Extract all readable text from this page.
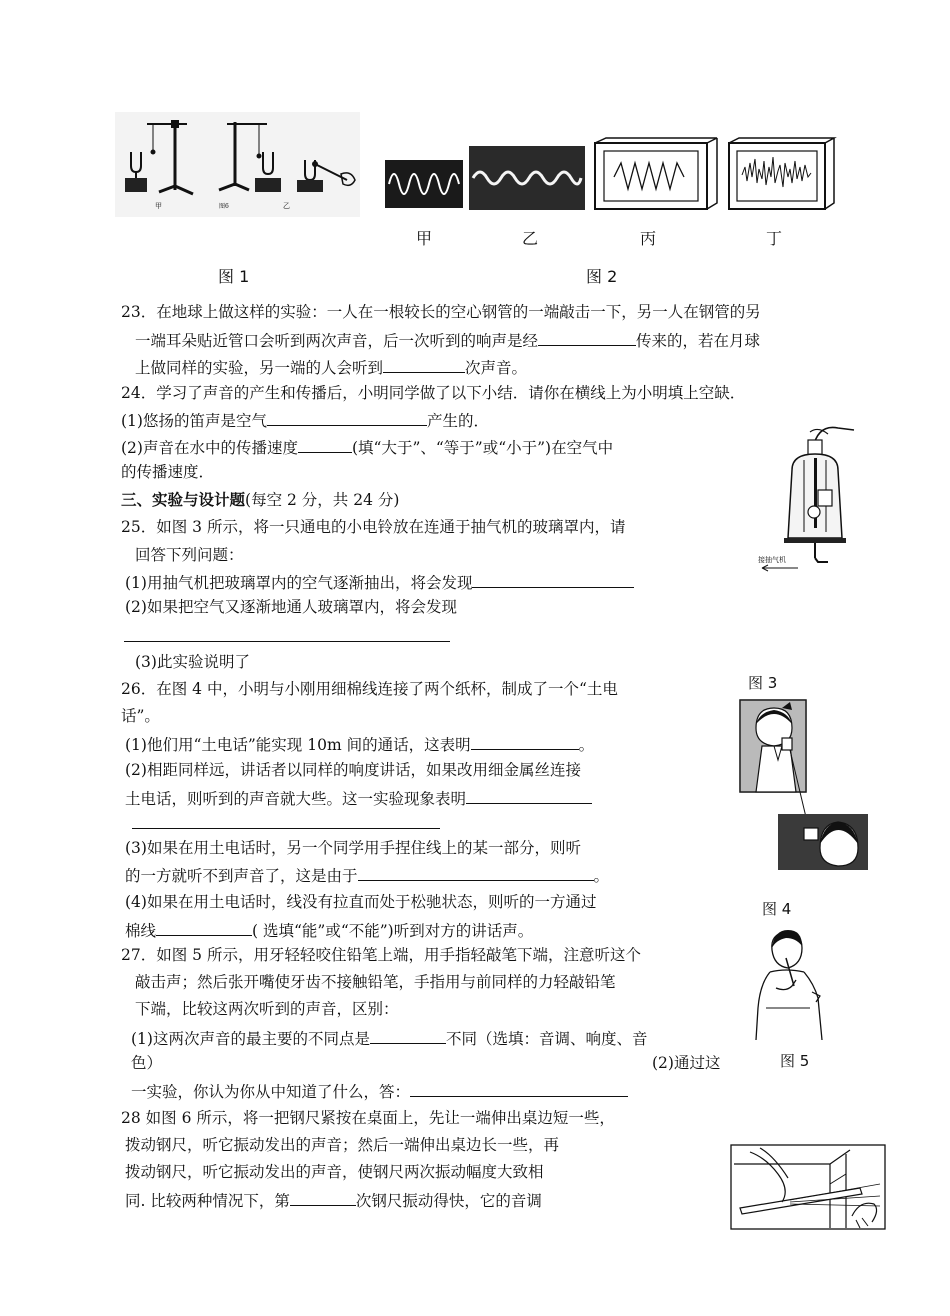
甲	图6	乙
甲	乙	丙	丁
图 1	图 2
23．在地球上做这样的实验：一人在一根较长的空心钢管的一端敲击一下，另一人在钢管的另
一端耳朵贴近管口会听到两次声音，后一次听到的响声是经	传来的，若在月球
上做同样的实验，另一端的人会听到	次声音。
24．学习了声音的产生和传播后，小明同学做了以下小结．请你在横线上为小明填上空缺．
(1)悠扬的笛声是空气	产生的．
(2)声音在水中的传播速度	(填“大于”、“等于”或“小于”)在空气中
的传播速度．
三、实验与设计题(每空 2 分，共 24 分)
25．如图 3 所示，将一只通电的小电铃放在连通于抽气机的玻璃罩内，请
回答下列问题：
(1)用抽气机把玻璃罩内的空气逐渐抽出，将会发现
(2)如果把空气又逐渐地通人玻璃罩内，将会发现
(3)此实验说明了
接抽气机
图 3
26．在图 4 中，小明与小刚用细棉线连接了两个纸杯，制成了一个“土电
话”。
(1)他们用“土电话”能实现 10m 间的通话，这表明	。
(2)相距同样远，讲话者以同样的响度讲话，如果改用细金属丝连接
土电话，则听到的声音就大些。这一实验现象表明
(3)如果在用土电话时，另一个同学用手捏住线上的某一部分，则听
的一方就听不到声音了，这是由于	。
(4)如果在用土电话时，线没有拉直而处于松驰状态，则听的一方通过
棉线	( 选填“能”或“不能”)听到对方的讲话声。
图 4
27．如图 5 所示，用牙轻轻咬住铅笔上端，用手指轻敲笔下端，注意听这个
敲击声；然后张开嘴使牙齿不接触铅笔，手指用与前同样的力轻敲铅笔
下端，比较这两次听到的声音，区别：
(1)这两次声音的最主要的不同点是	不同（选填：音调、响度、音
色）	(2)通过这
一实验，你认为你从中知道了什么，答：
图 5
28 如图 6 所示，将一把钢尺紧按在桌面上，先让一端伸出桌边短一些，
拨动钢尺，听它振动发出的声音；然后一端伸出桌边长一些，再
拨动钢尺，听它振动发出的声音，使钢尺两次振动幅度大致相
同. 比较两种情况下，第	次钢尺振动得快，它的音调
